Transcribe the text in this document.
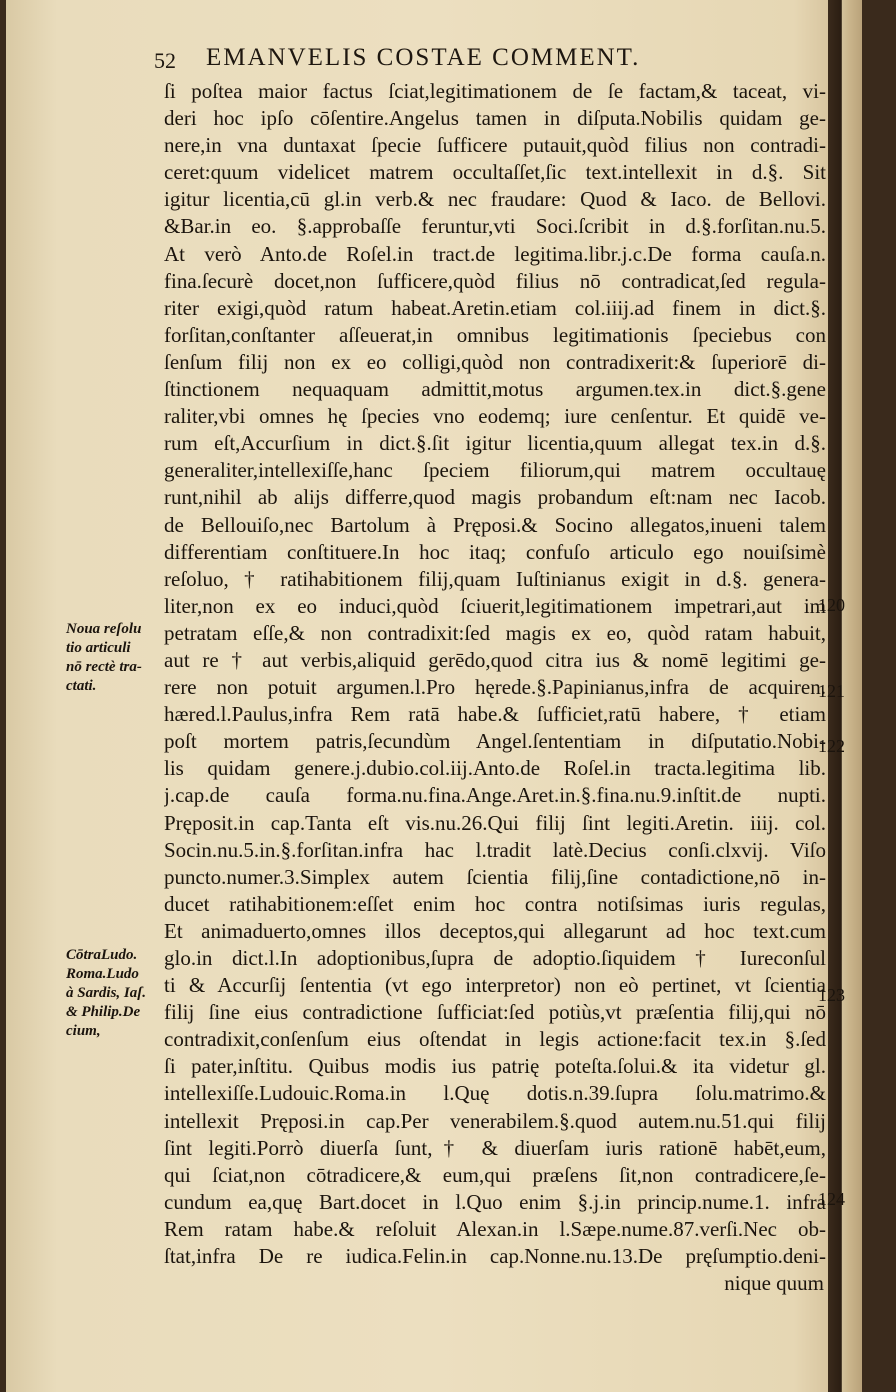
52 EMANVELIS COSTAE COMMENT.
ſi poſtea maior factus ſciat,legitimationem de ſe factam,& taceat, vi-
deri hoc ipſo cōſentire.Angelus tamen in diſputa.Nobilis quidam ge-
nere,in vna duntaxat ſpecie ſufficere putauit,quòd filius non contradi-
ceret:quum videlicet matrem occultaſſet,ſic text.intellexit in d.§. Sit
igitur licentia,cū gl.in verb.& nec fraudare: Quod & Iaco. de Bellovi.
&Bar.in eo. §.approbaſſe feruntur,vti Soci.ſcribit in d.§.forſitan.nu.5.
At verò Anto.de Roſel.in tract.de legitima.libr.j.c.De forma cauſa.n.
fina.ſecurè docet,non ſufficere,quòd filius nō contradicat,ſed regula-
riter exigi,quòd ratum habeat.Aretin.etiam col.iiij.ad finem in dict.§.
forſitan,conſtanter aſſeuerat,in omnibus legitimationis ſpeciebus con
ſenſum filij non ex eo colligi,quòd non contradixerit:& ſuperiorē di-
ſtinctionem nequaquam admittit,motus argumen.tex.in dict.§.gene
raliter,vbi omnes hę ſpecies vno eodemq; iure cenſentur. Et quidē ve-
rum eſt,Accurſium in dict.§.ſit igitur licentia,quum allegat tex.in d.§.
generaliter,intellexiſſe,hanc ſpeciem filiorum,qui matrem occultauę
runt,nihil ab alijs differre,quod magis probandum eſt:nam nec Iacob.
de Bellouiſo,nec Bartolum à Pręposi.& Socino allegatos,inueni talem
differentiam conſtituere.In hoc itaq; confuſo articulo ego nouiſsimè
reſoluo, † ratihabitionem filij,quam Iuſtinianus exigit in d.§. genera-
liter,non ex eo induci,quòd ſciuerit,legitimationem impetrari,aut im
petratam eſſe,& non contradixit:ſed magis ex eo, quòd ratam habuit,
aut re † aut verbis,aliquid gerēdo,quod citra ius & nomē legitimi ge-
rere non potuit argumen.l.Pro hęrede.§.Papinianus,infra de acquiren.
hæred.l.Paulus,infra Rem ratā habe.& ſufficiet,ratū habere, † etiam
poſt mortem patris,ſecundùm Angel.ſententiam in diſputatio.Nobi-
lis quidam genere.j.dubio.col.iij.Anto.de Roſel.in tracta.legitima lib.
j.cap.de cauſa forma.nu.fina.Ange.Aret.in.§.fina.nu.9.inſtit.de nupti.
Pręposit.in cap.Tanta eſt vis.nu.26.Qui filij ſint legiti.Aretin. iiij. col.
Socin.nu.5.in.§.forſitan.infra hac l.tradit latè.Decius conſi.clxvij. Viſo
puncto.numer.3.Simplex autem ſcientia filij,ſine contadictione,nō in-
ducet ratihabitionem:eſſet enim hoc contra notiſsimas iuris regulas,
Et animaduerto,omnes illos deceptos,qui allegarunt ad hoc text.cum
glo.in dict.l.In adoptionibus,ſupra de adoptio.ſiquidem † Iureconſul
ti & Accurſij ſententia (vt ego interpretor) non eò pertinet, vt ſcientia
filij ſine eius contradictione ſufficiat:ſed potiùs,vt præſentia filij,qui nō
contradixit,conſenſum eius oſtendat in legis actione:facit tex.in §.ſed
ſi pater,inſtitu. Quibus modis ius patrię poteſta.ſolui.& ita videtur gl.
intellexiſſe.Ludouic.Roma.in l.Quę dotis.n.39.ſupra ſolu.matrimo.&
intellexit Pręposi.in cap.Per venerabilem.§.quod autem.nu.51.qui filij
ſint legiti.Porrò diuerſa ſunt,† & diuerſam iuris rationē habēt,eum,
qui ſciat,non cōtradicere,& eum,qui præſens ſit,non contradicere,ſe-
cundum ea,quę Bart.docet in l.Quo enim §.j.in princip.nume.1. infra
Rem ratam habe.& reſoluit Alexan.in l.Sæpe.nume.87.verſi.Nec ob-
ſtat,infra De re iudica.Felin.in cap.Nonne.nu.13.De pręſumptio.deni-
nique quum
Noua reſolu
tio articuli
nō rectè tra-
ctati.
CōtraLudo.
Roma.Ludo
à Sardis, Iaſ.
& Philip.De
cium,
120
121
122
123
124
